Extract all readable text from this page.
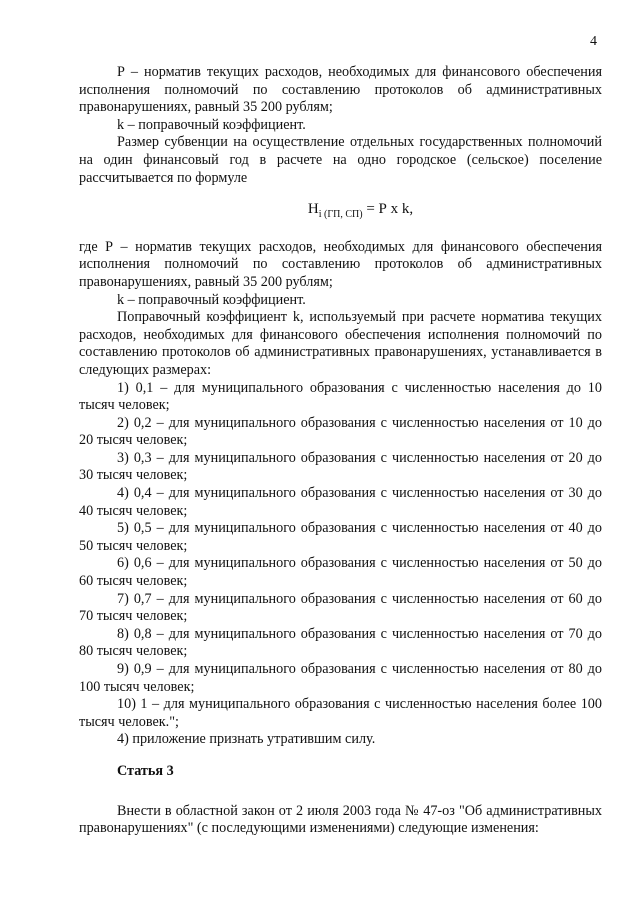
4

Р – норматив текущих расходов, необходимых для финансового обеспечения исполнения полномочий по составлению протоколов об административных правонарушениях, равный 35 200 рублям;

k – поправочный коэффициент.

Размер субвенции на осуществление отдельных государственных полномочий на один финансовый год в расчете на одно городское (сельское) поселение рассчитывается по формуле

$Н_{i (ГП, СП)} = Р$ x k,

где Р – норматив текущих расходов, необходимых для финансового обеспечения исполнения полномочий по составлению протоколов об административных правонарушениях, равный 35 200 рублям;

k – поправочный коэффициент.

Поправочный коэффициент k, используемый при расчете норматива текущих расходов, необходимых для финансового обеспечения исполнения полномочий по составлению протоколов об административных правонарушениях, устанавливается в следующих размерах:

1) 0,1 – для муниципального образования с численностью населения до 10 тысяч человек;

2) 0,2 – для муниципального образования с численностью населения от 10 до 20 тысяч человек;

3) 0,3 – для муниципального образования с численностью населения от 20 до 30 тысяч человек;

4) 0,4 – для муниципального образования с численностью населения от 30 до 40 тысяч человек;

5) 0,5 – для муниципального образования с численностью населения от 40 до 50 тысяч человек;

6) 0,6 – для муниципального образования с численностью населения от 50 до 60 тысяч человек;

7) 0,7 – для муниципального образования с численностью населения от 60 до 70 тысяч человек;

8) 0,8 – для муниципального образования с численностью населения от 70 до 80 тысяч человек;

9) 0,9 – для муниципального образования с численностью населения от 80 до 100 тысяч человек;

10) 1 – для муниципального образования с численностью населения более 100 тысяч человек.";

4) приложение признать утратившим силу.

Статья 3

Внести в областной закон от 2 июля 2003 года № 47-оз "Об административных правонарушениях" (с последующими изменениями) следующие изменения:
